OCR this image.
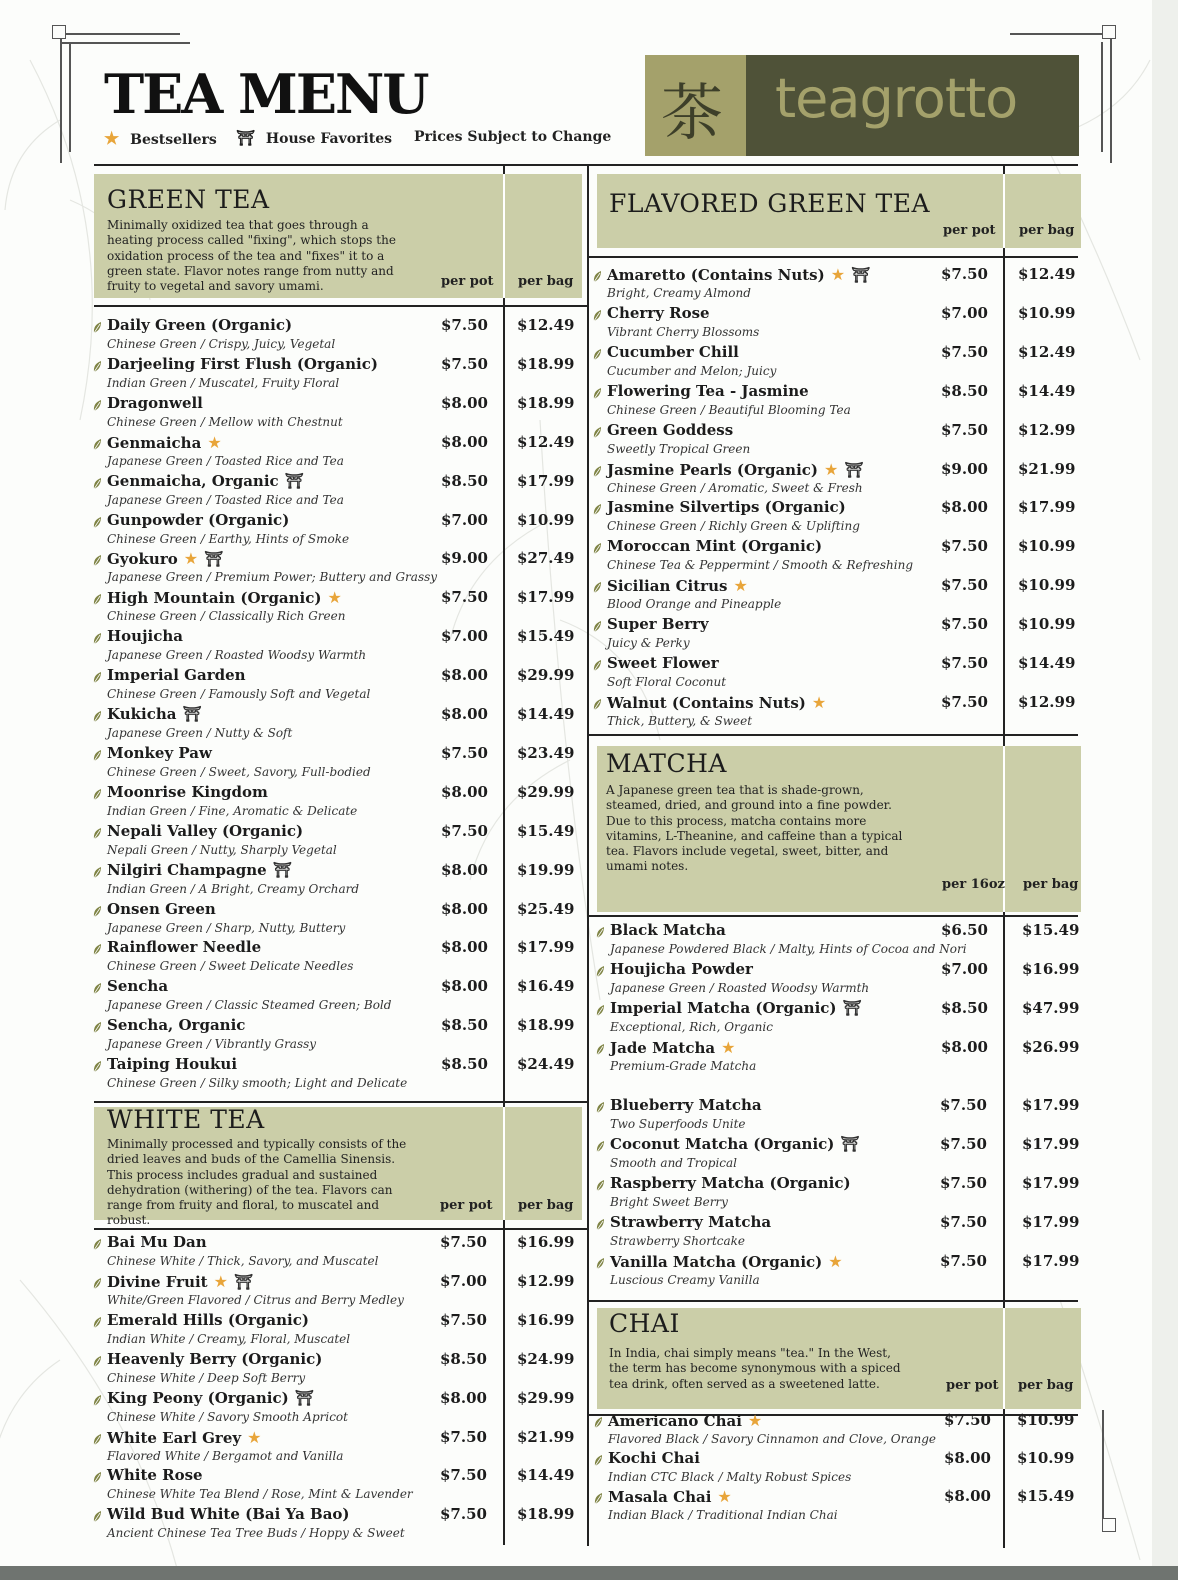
TEA MENU
★ Bestsellers ⛩ House Favorites Prices Subject to Change 茶 teagrotto
GREEN TEA
Minimally oxidized tea that goes through a heating process called "fixing", which stops the oxidation process of the tea and "fixes" it to a green state. Flavor notes range from nutty and fruity to vegetal and savory umami.	per pot per bag
WHITE TEA
Minimally processed and typically consists of the dried leaves and buds of the Camellia Sinensis. This process includes gradual and sustained dehydration (withering) of the tea. Flavors can range from fruity and floral, to muscatel and robust.
per pot per bag
FLAVORED GREEN TEA
per pot per bag
MATCHA
A Japanese green tea that is shade-grown, steamed, dried, and ground into a fine powder. Due to this process, matcha contains more vitamins, L-Theanine, and caffeine than a typical tea. Flavors include vegetal, sweet, bitter, and umami notes.
per 16oz per bag
CHAI
In India, chai simply means "tea." In the West, the term has become synonymous with a spiced tea drink, often served as a sweetened latte.	per pot per bag
Daily Green (Organic)
Chinese Green / Crispy, Juicy, Vegetal
$7.50 $12.49
Darjeeling First Flush (Organic)
Indian Green / Muscatel, Fruity Floral
$7.50 $18.99
Dragonwell
Chinese Green / Mellow with Chestnut
$8.00 $18.99
Genmaicha ★
Japanese Green / Toasted Rice and Tea
$8.00 $12.49
Genmaicha, Organic ⛩
Japanese Green / Toasted Rice and Tea
$8.50 $17.99
Gunpowder (Organic)
Chinese Green / Earthy, Hints of Smoke
$7.00 $10.99
Gyokuro ★ ⛩
Japanese Green / Premium Power; Buttery and Grassy
$9.00 $27.49
High Mountain (Organic) ★
Chinese Green / Classically Rich Green
$7.50 $17.99
Houjicha
Japanese Green / Roasted Woodsy Warmth
$7.00 $15.49
Imperial Garden
Chinese Green / Famously Soft and Vegetal
$8.00 $29.99
Kukicha ⛩
Japanese Green / Nutty & Soft
$8.00 $14.49
Monkey Paw
Chinese Green / Sweet, Savory, Full-bodied
$7.50 $23.49
Moonrise Kingdom
Indian Green / Fine, Aromatic & Delicate
$8.00 $29.99
Nepali Valley (Organic)
Nepali Green / Nutty, Sharply Vegetal
$7.50 $15.49
Nilgiri Champagne ⛩
Indian Green / A Bright, Creamy Orchard
$8.00 $19.99
Onsen Green
Japanese Green / Sharp, Nutty, Buttery
$8.00 $25.49
Rainflower Needle
Chinese Green / Sweet Delicate Needles
$8.00 $17.99
Sencha
Japanese Green / Classic Steamed Green; Bold
$8.00 $16.49
Sencha, Organic
Japanese Green / Vibrantly Grassy
$8.50 $18.99
Taiping Houkui
Chinese Green / Silky smooth; Light and Delicate
$8.50 $24.49
Bai Mu Dan
Chinese White / Thick, Savory, and Muscatel
$7.50 $16.99
Divine Fruit ★ ⛩
White/Green Flavored / Citrus and Berry Medley
$7.00 $12.99
Emerald Hills (Organic)
Indian White / Creamy, Floral, Muscatel
$7.50 $16.99
Heavenly Berry (Organic)
Chinese White / Deep Soft Berry
$8.50 $24.99
King Peony (Organic) ⛩
Chinese White / Savory Smooth Apricot
$8.00 $29.99
White Earl Grey ★
Flavored White / Bergamot and Vanilla
$7.50 $21.99
White Rose
Chinese White Tea Blend / Rose, Mint & Lavender
$7.50 $14.49
Wild Bud White (Bai Ya Bao)
Ancient Chinese Tea Tree Buds / Hoppy & Sweet
$7.50 $18.99
Amaretto (Contains Nuts) ★ ⛩
Bright, Creamy Almond
$7.50 $12.49
Cherry Rose
Vibrant Cherry Blossoms
$7.00 $10.99
Cucumber Chill
Cucumber and Melon; Juicy
$7.50 $12.49
Flowering Tea - Jasmine
Chinese Green / Beautiful Blooming Tea
$8.50 $14.49
Green Goddess
Sweetly Tropical Green
$7.50 $12.99
Jasmine Pearls (Organic) ★ ⛩
Chinese Green / Aromatic, Sweet & Fresh
$9.00 $21.99
Jasmine Silvertips (Organic)
Chinese Green / Richly Green & Uplifting
$8.00 $17.99
Moroccan Mint (Organic)
Chinese Tea & Peppermint / Smooth & Refreshing
$7.50 $10.99
Sicilian Citrus ★
Blood Orange and Pineapple
$7.50 $10.99
Super Berry
Juicy & Perky
$7.50 $10.99
Sweet Flower
Soft Floral Coconut
$7.50 $14.49
Walnut (Contains Nuts) ★
Thick, Buttery, & Sweet
$7.50 $12.99
Black Matcha
Japanese Powdered Black / Malty, Hints of Cocoa and Nori
$6.50 $15.49
Houjicha Powder
Japanese Green / Roasted Woodsy Warmth
$7.00 $16.99
Imperial Matcha (Organic) ⛩
Exceptional, Rich, Organic
$8.50 $47.99
Jade Matcha ★
Premium-Grade Matcha
$8.00 $26.99
Blueberry Matcha
Two Superfoods Unite
$7.50 $17.99
Coconut Matcha (Organic) ⛩
Smooth and Tropical
$7.50 $17.99
Raspberry Matcha (Organic)
Bright Sweet Berry
$7.50 $17.99
Strawberry Matcha
Strawberry Shortcake
$7.50 $17.99
Vanilla Matcha (Organic) ★
Luscious Creamy Vanilla
$7.50 $17.99
Americano Chai ★
Flavored Black / Savory Cinnamon and Clove, Orange
$7.50 $10.99
Kochi Chai
Indian CTC Black / Malty Robust Spices
$8.00 $10.99
Masala Chai ★
Indian Black / Traditional Indian Chai
$8.00 $15.49
